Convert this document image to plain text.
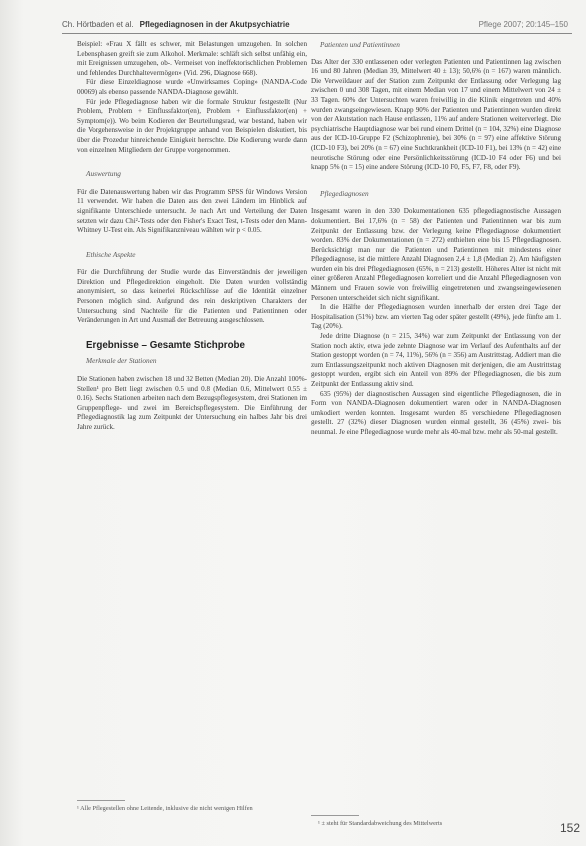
Ch. Hörtbaden et al. Pflegediagnosen in der Akutpsychiatrie	Pflege 2007; 20:145–150

Beispiel: «Frau X fällt es schwer, mit Belastungen umzugehen. In solchen Lebensphasen greift sie zum Alkohol. Merkmale: schläft sich selbst unfähig ein, mit Ereignissen umzugehen, ob-. Vermeiset von ineffektorischlichen Problemen und fehlendes Durchhaltevermögen» (Vid. 296, Diagnose 668).

Für diese Einzeldiagnose wurde «Unwirksames Coping» (NANDA-Code 00069) als ebenso passende NANDA-Diagnose gewählt.

Für jede Pflegediagnose haben wir die formale Struktur festgestellt (Nur Problem, Problem + Einflussfaktor(en), Problem + Einflussfaktor(en) + Symptom(e)). Wo beim Kodieren der Beurteilungsrad, war bestand, haben wir die Vorgehensweise in der Projektgruppe anhand von Beispielen diskutiert, bis über die Prozedur hinreichende Einigkeit herrschte. Die Kodierung wurde dann von einzelnen Mitgliedern der Gruppe vorgenommen.

Auswertung

Für die Datenauswertung haben wir das Programm SPSS für Windows Version 11 verwendet. Wir haben die Daten aus den zwei Ländern im Hinblick auf signifikante Unterschiede untersucht. Je nach Art und Verteilung der Daten setzten wir dazu Chi²-Tests oder den Fisher's Exact Test, t-Tests oder den Mann-Whitney U-Test ein. Als Signifikanzniveau wählten wir p < 0.05.

Ethische Aspekte

Für die Durchführung der Studie wurde das Einverständnis der jeweiligen Direktion und Pflegedirektion eingeholt. Die Daten wurden vollständig anonymisiert, so dass keinerlei Rückschlüsse auf die Identität einzelner Personen möglich sind. Aufgrund des rein deskriptiven Charakters der Untersuchung sind Nachteile für die Patienten und Patientinnen oder Veränderungen in Art und Ausmaß der Betreuung ausgeschlossen.

Ergebnisse – Gesamte Stichprobe

Merkmale der Stationen

Die Stationen haben zwischen 18 und 32 Betten (Median 20). Die Anzahl 100%-Stellen¹ pro Bett liegt zwischen 0.5 und 0.8 (Median 0.6, Mittelwert 0.55 ± 0.16). Sechs Stationen arbeiten nach dem Bezugspflegesystem, drei Stationen im Gruppenpflege- und zwei im Bereichspflegesystem. Die Einführung der Pflegediagnostik lag zum Zeitpunkt der Untersuchung ein halbes Jahr bis drei Jahre zurück.

¹ Alle Pflegestellen ohne Leitende, inklusive die nicht wenigen Hilfen

Patienten und Patientinnen

Das Alter der 330 entlassenen oder verlegten Patienten und Patientinnen lag zwischen 16 und 80 Jahren (Median 39, Mittelwert 40 ± 13); 50,6% (n = 167) waren männlich. Die Verweildauer auf der Station zum Zeitpunkt der Entlassung oder Verlegung lag zwischen 0 und 308 Tagen, mit einem Median von 17 und einem Mittelwert von 24 ± 33 Tagen. 60% der Untersuchten waren freiwillig in die Klinik eingetreten und 40% wurden zwangseingewiesen. Knapp 90% der Patienten und Patientinnen wurden direkt von der Akutstation nach Hause entlassen, 11% auf andere Stationen weiterverlegt. Die psychiatrische Hauptdiagnose war bei rund einem Drittel (n = 104, 32%) eine Diagnose aus der ICD-10-Gruppe F2 (Schizophrenie), bei 30% (n = 97) eine affektive Störung (ICD-10 F3), bei 20% (n = 67) eine Suchtkrankheit (ICD-10 F1), bei 13% (n = 42) eine neurotische Störung oder eine Persönlichkeitsstörung (ICD-10 F4 oder F6) und bei knapp 5% (n = 15) eine andere Störung (ICD-10 F0, F5, F7, F8, oder F9).

Pflegediagnosen

Insgesamt waren in den 330 Dokumentationen 635 pflegediagnostische Aussagen dokumentiert. Bei 17,6% (n = 58) der Patienten und Patientinnen war bis zum Zeitpunkt der Entlassung bzw. der Verlegung keine Pflegediagnose dokumentiert worden. 83% der Dokumentationen (n = 272) enthielten eine bis 15 Pflegediagnosen. Berücksichtigt man nur die Patienten und Patientinnen mit mindestens einer Pflegediagnose, ist die mittlere Anzahl Diagnosen 2,4 ± 1,8 (Median 2). Am häufigsten wurden ein bis drei Pflegediagnosen (65%, n = 213) gestellt. Höheres Alter ist nicht mit einer größeren Anzahl Pflegediagnosen korreliert und die Anzahl Pflegediagnosen von Männern und Frauen sowie von freiwillig eingetretenen und zwangseingewiesenen Personen unterscheidet sich nicht signifikant.

In die Hälfte der Pflegediagnosen wurden innerhalb der ersten drei Tage der Hospitalisation (51%) bzw. am vierten Tag oder später gestellt (49%), jede fünfte am 1. Tag (20%).

Jede dritte Diagnose (n = 215, 34%) war zum Zeitpunkt der Entlassung von der Station noch aktiv, etwa jede zehnte Diagnose war im Verlauf des Aufenthalts auf der Station gestoppt worden (n = 74, 11%), 56% (n = 356) am Austrittstag. Addiert man die zum Entlassungszeitpunkt noch aktiven Diagnosen mit derjenigen, die am Austrittstag gestoppt wurden, ergibt sich ein Anteil von 89% der Pflegediagnosen, die bis zum Zeitpunkt der Entlassung aktiv sind.

635 (95%) der diagnostischen Aussagen sind eigentliche Pflegediagnosen, die in Form von NANDA-Diagnosen dokumentiert waren oder in NANDA-Diagnosen umkodiert werden konnten. Insgesamt wurden 85 verschiedene Pflegediagnosen gestellt. 27 (32%) dieser Diagnosen wurden einmal gestellt, 36 (45%) zwei- bis neunmal. Je eine Pflegediagnose wurde mehr als 40-mal bzw. mehr als 50-mal gestellt.

¹ ± steht für Standardabweichung des Mittelwerts	152
